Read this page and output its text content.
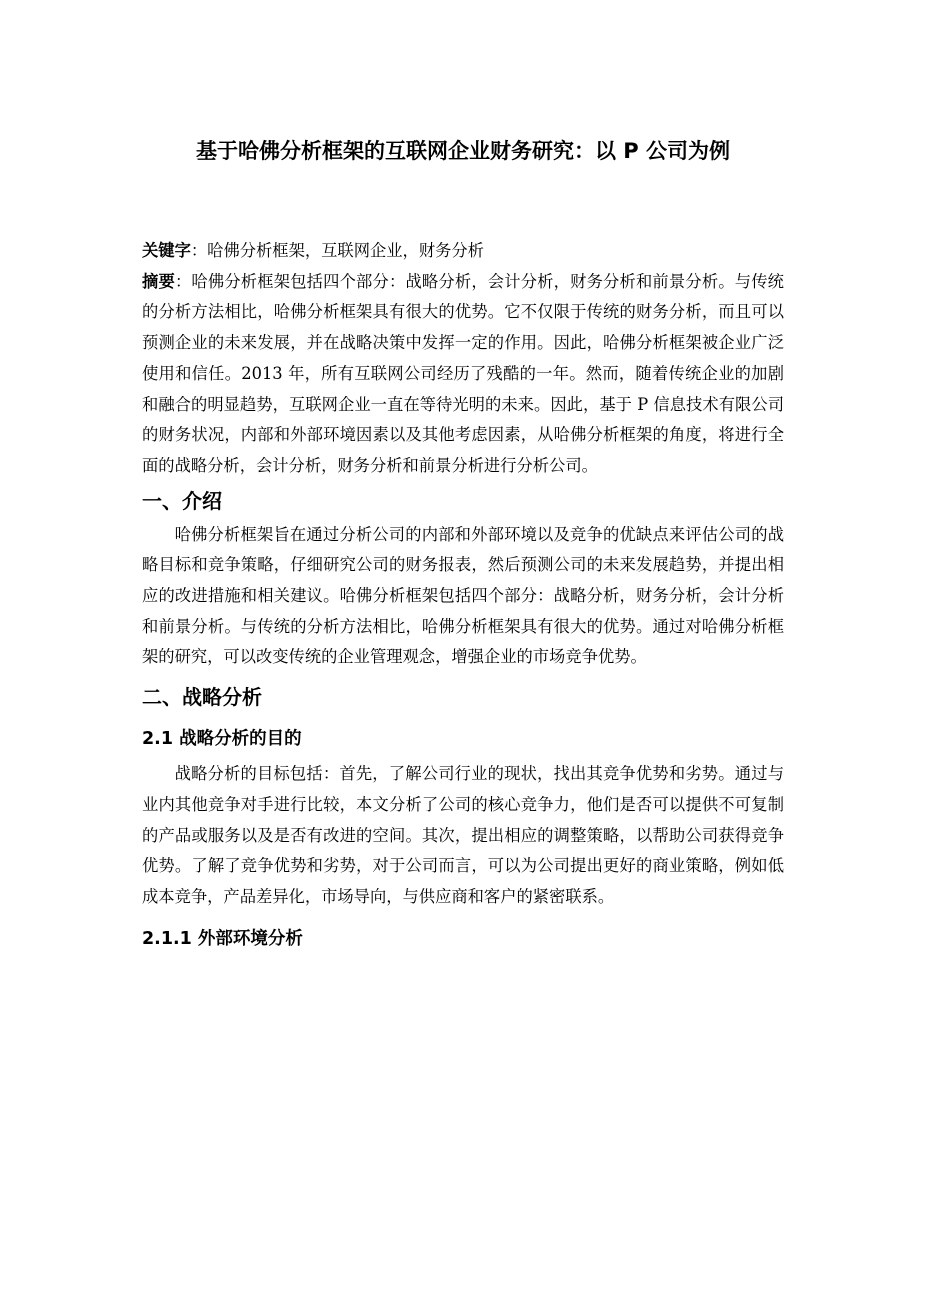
基于哈佛分析框架的互联网企业财务研究：以 P 公司为例

关键字：哈佛分析框架，互联网企业，财务分析

摘要：哈佛分析框架包括四个部分：战略分析，会计分析，财务分析和前景分析。与传统的分析方法相比，哈佛分析框架具有很大的优势。它不仅限于传统的财务分析，而且可以预测企业的未来发展，并在战略决策中发挥一定的作用。因此，哈佛分析框架被企业广泛使用和信任。2013 年，所有互联网公司经历了残酷的一年。然而，随着传统企业的加剧和融合的明显趋势，互联网企业一直在等待光明的未来。因此，基于 P 信息技术有限公司的财务状况，内部和外部环境因素以及其他考虑因素，从哈佛分析框架的角度，将进行全面的战略分析，会计分析，财务分析和前景分析进行分析公司。

一、介绍

哈佛分析框架旨在通过分析公司的内部和外部环境以及竞争的优缺点来评估公司的战略目标和竞争策略，仔细研究公司的财务报表，然后预测公司的未来发展趋势，并提出相应的改进措施和相关建议。哈佛分析框架包括四个部分：战略分析，财务分析，会计分析和前景分析。与传统的分析方法相比，哈佛分析框架具有很大的优势。通过对哈佛分析框架的研究，可以改变传统的企业管理观念，增强企业的市场竞争优势。

二、战略分析
2.1 战略分析的目的

战略分析的目标包括：首先，了解公司行业的现状，找出其竞争优势和劣势。通过与业内其他竞争对手进行比较，本文分析了公司的核心竞争力，他们是否可以提供不可复制的产品或服务以及是否有改进的空间。其次，提出相应的调整策略，以帮助公司获得竞争优势。了解了竞争优势和劣势，对于公司而言，可以为公司提出更好的商业策略，例如低成本竞争，产品差异化，市场导向，与供应商和客户的紧密联系。

2.1.1 外部环境分析
